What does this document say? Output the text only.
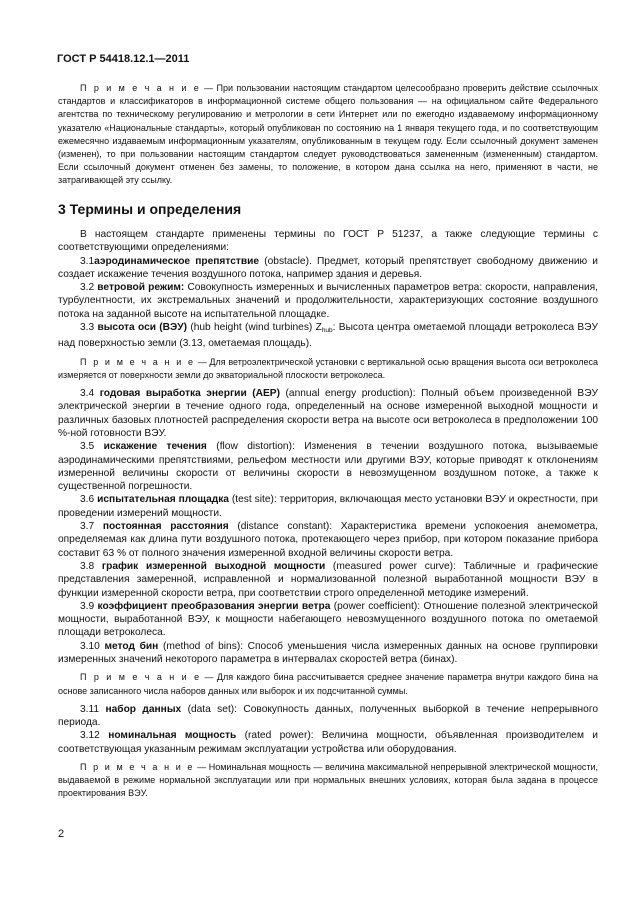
ГОСТ Р 54418.12.1—2011

П р и м е ч а н и е — При пользовании настоящим стандартом целесообразно проверить действие ссылочных стандартов и классификаторов в информационной системе общего пользования — на официальном сайте Федерального агентства по техническому регулированию и метрологии в сети Интернет или по ежегодно издаваемому информационному указателю «Национальные стандарты», который опубликован по состоянию на 1 января текущего года, и по соответствующим ежемесячно издаваемым информационным указателям, опубликованным в текущем году. Если ссылочный документ заменен (изменен), то при пользовании настоящим стандартом следует руководствоваться замененным (измененным) стандартом. Если ссылочный документ отменен без замены, то положение, в котором дана ссылка на него, применяют в части, не затрагивающей эту ссылку.

3 Термины и определения

В настоящем стандарте применены термины по ГОСТ Р 51237, а также следующие термины с соответствующими определениями:

3.1аэродинамическое препятствие (obstacle). Предмет, который препятствует свободному движению и создает искажение течения воздушного потока, например здания и деревья.

3.2 ветровой режим: Совокупность измеренных и вычисленных параметров ветра: скорости, направления, турбулентности, их экстремальных значений и продолжительности, характеризующих состояние воздушного потока на заданной высоте на испытательной площадке.

3.3 высота оси (ВЭУ) (hub height (wind turbines) $Z_{hub}$: Высота центра ометаемой площади ветроколеса ВЭУ над поверхностью земли (3.13, ометаемая площадь).

П р и м е ч а н и е — Для ветроэлектрической установки с вертикальной осью вращения высота оси ветроколеса измеряется от поверхности земли до экваториальной плоскости ветроколеса.

3.4 годовая выработка энергии (AEP) (annual energy production): Полный объем произведенной ВЭУ электрической энергии в течение одного года, определенный на основе измеренной выходной мощности и различных базовых плотностей распределения скорости ветра на высоте оси ветроколеса в предположении 100 %-ной готовности ВЭУ.

3.5 искажение течения (flow distortion): Изменения в течении воздушного потока, вызываемые аэродинамическими препятствиями, рельефом местности или другими ВЭУ, которые приводят к отклонениям измеренной величины скорости от величины скорости в невозмущенном воздушном потоке, а также к существенной погрешности.

3.6 испытательная площадка (test site): территория, включающая место установки ВЭУ и окрестности, при проведении измерений мощности.

3.7 постоянная расстояния (distance constant): Характеристика времени успокоения анемометра, определяемая как длина пути воздушного потока, протекающего через прибор, при котором показание прибора составит 63 % от полного значения измеренной входной величины скорости ветра.

3.8 график измеренной выходной мощности (measured power curve): Табличные и графические представления замеренной, исправленной и нормализованной полезной выработанной мощности ВЭУ в функции измеренной скорости ветра, при соответствии строго определенной методике измерений.

3.9 коэффициент преобразования энергии ветра (power coefficient): Отношение полезной электрической мощности, выработанной ВЭУ, к мощности набегающего невозмущенного воздушного потока по ометаемой площади ветроколеса.

3.10 метод бин (method of bins): Способ уменьшения числа измеренных данных на основе группировки измеренных значений некоторого параметра в интервалах скоростей ветра (бинах).

П р и м е ч а н и е — Для каждого бина рассчитывается среднее значение параметра внутри каждого бина на основе записанного числа наборов данных или выборок и их подсчитанной суммы.

3.11 набор данных (data set): Совокупность данных, полученных выборкой в течение непрерывного периода.

3.12 номинальная мощность (rated power): Величина мощности, объявленная производителем и соответствующая указанным режимам эксплуатации устройства или оборудования.

П р и м е ч а н и е — Номинальная мощность — величина максимальной непрерывной электрической мощности, выдаваемой в режиме нормальной эксплуатации или при нормальных внешних условиях, которая была задана в процессе проектирования ВЭУ.

2
